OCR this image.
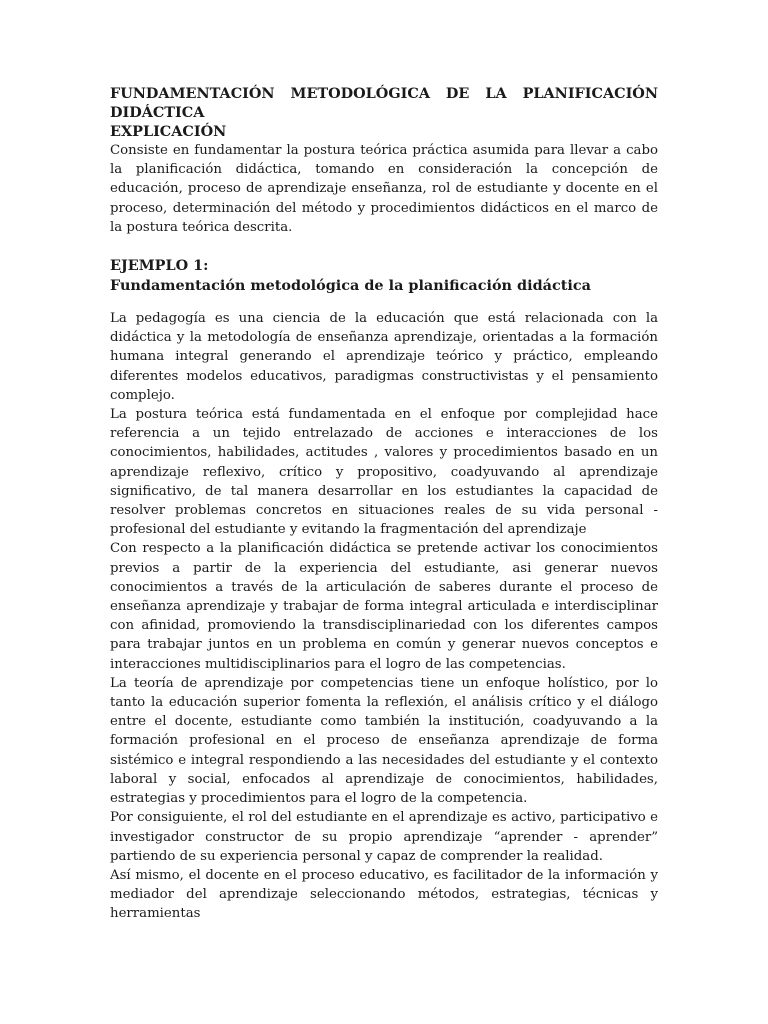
FUNDAMENTACIÓN METODOLÓGICA DE LA PLANIFICACIÓN
DIDÁCTICA
EXPLICACIÓN

Consiste en fundamentar la postura teórica práctica asumida para llevar a cabo la planificación didáctica, tomando en consideración la concepción de educación, proceso de aprendizaje enseñanza, rol de estudiante y docente en el proceso, determinación del método y procedimientos didácticos en el marco de la postura teórica descrita.

EJEMPLO 1:
Fundamentación metodológica de la planificación didáctica

La pedagogía es una ciencia de la educación que está relacionada con la didáctica y la metodología de enseñanza aprendizaje, orientadas a la formación humana integral generando el aprendizaje teórico y práctico, empleando diferentes modelos educativos, paradigmas constructivistas y el pensamiento complejo.

La postura teórica está fundamentada en el enfoque por complejidad hace referencia a un tejido entrelazado de acciones e interacciones de los conocimientos, habilidades, actitudes , valores y procedimientos basado en un aprendizaje reflexivo, crítico y propositivo, coadyuvando al aprendizaje significativo, de tal manera desarrollar en los estudiantes la capacidad de resolver problemas concretos en situaciones reales de su vida personal - profesional del estudiante y evitando la fragmentación del aprendizaje

Con respecto a la planificación didáctica se pretende activar los conocimientos previos a partir de la experiencia del estudiante, asi generar nuevos conocimientos a través de la articulación de saberes durante el proceso de enseñanza aprendizaje y trabajar de forma integral articulada e interdisciplinar con afinidad, promoviendo la transdisciplinariedad con los diferentes campos para trabajar juntos en un problema en común y generar nuevos conceptos e interacciones multidisciplinarios para el logro de las competencias.

La teoría de aprendizaje por competencias tiene un enfoque holístico, por lo tanto la educación superior fomenta la reflexión, el análisis crítico y el diálogo entre el docente, estudiante como también la institución, coadyuvando a la formación profesional en el proceso de enseñanza aprendizaje de forma sistémico e integral respondiendo a las necesidades del estudiante y el contexto laboral y social, enfocados al aprendizaje de conocimientos, habilidades, estrategias y procedimientos para el logro de la competencia.

Por consiguiente, el rol del estudiante en el aprendizaje es activo, participativo e investigador constructor de su propio aprendizaje “aprender - aprender” partiendo de su experiencia personal y capaz de comprender la realidad.

Así mismo, el docente en el proceso educativo, es facilitador de la información y mediador del aprendizaje seleccionando métodos, estrategias, técnicas y herramientas
